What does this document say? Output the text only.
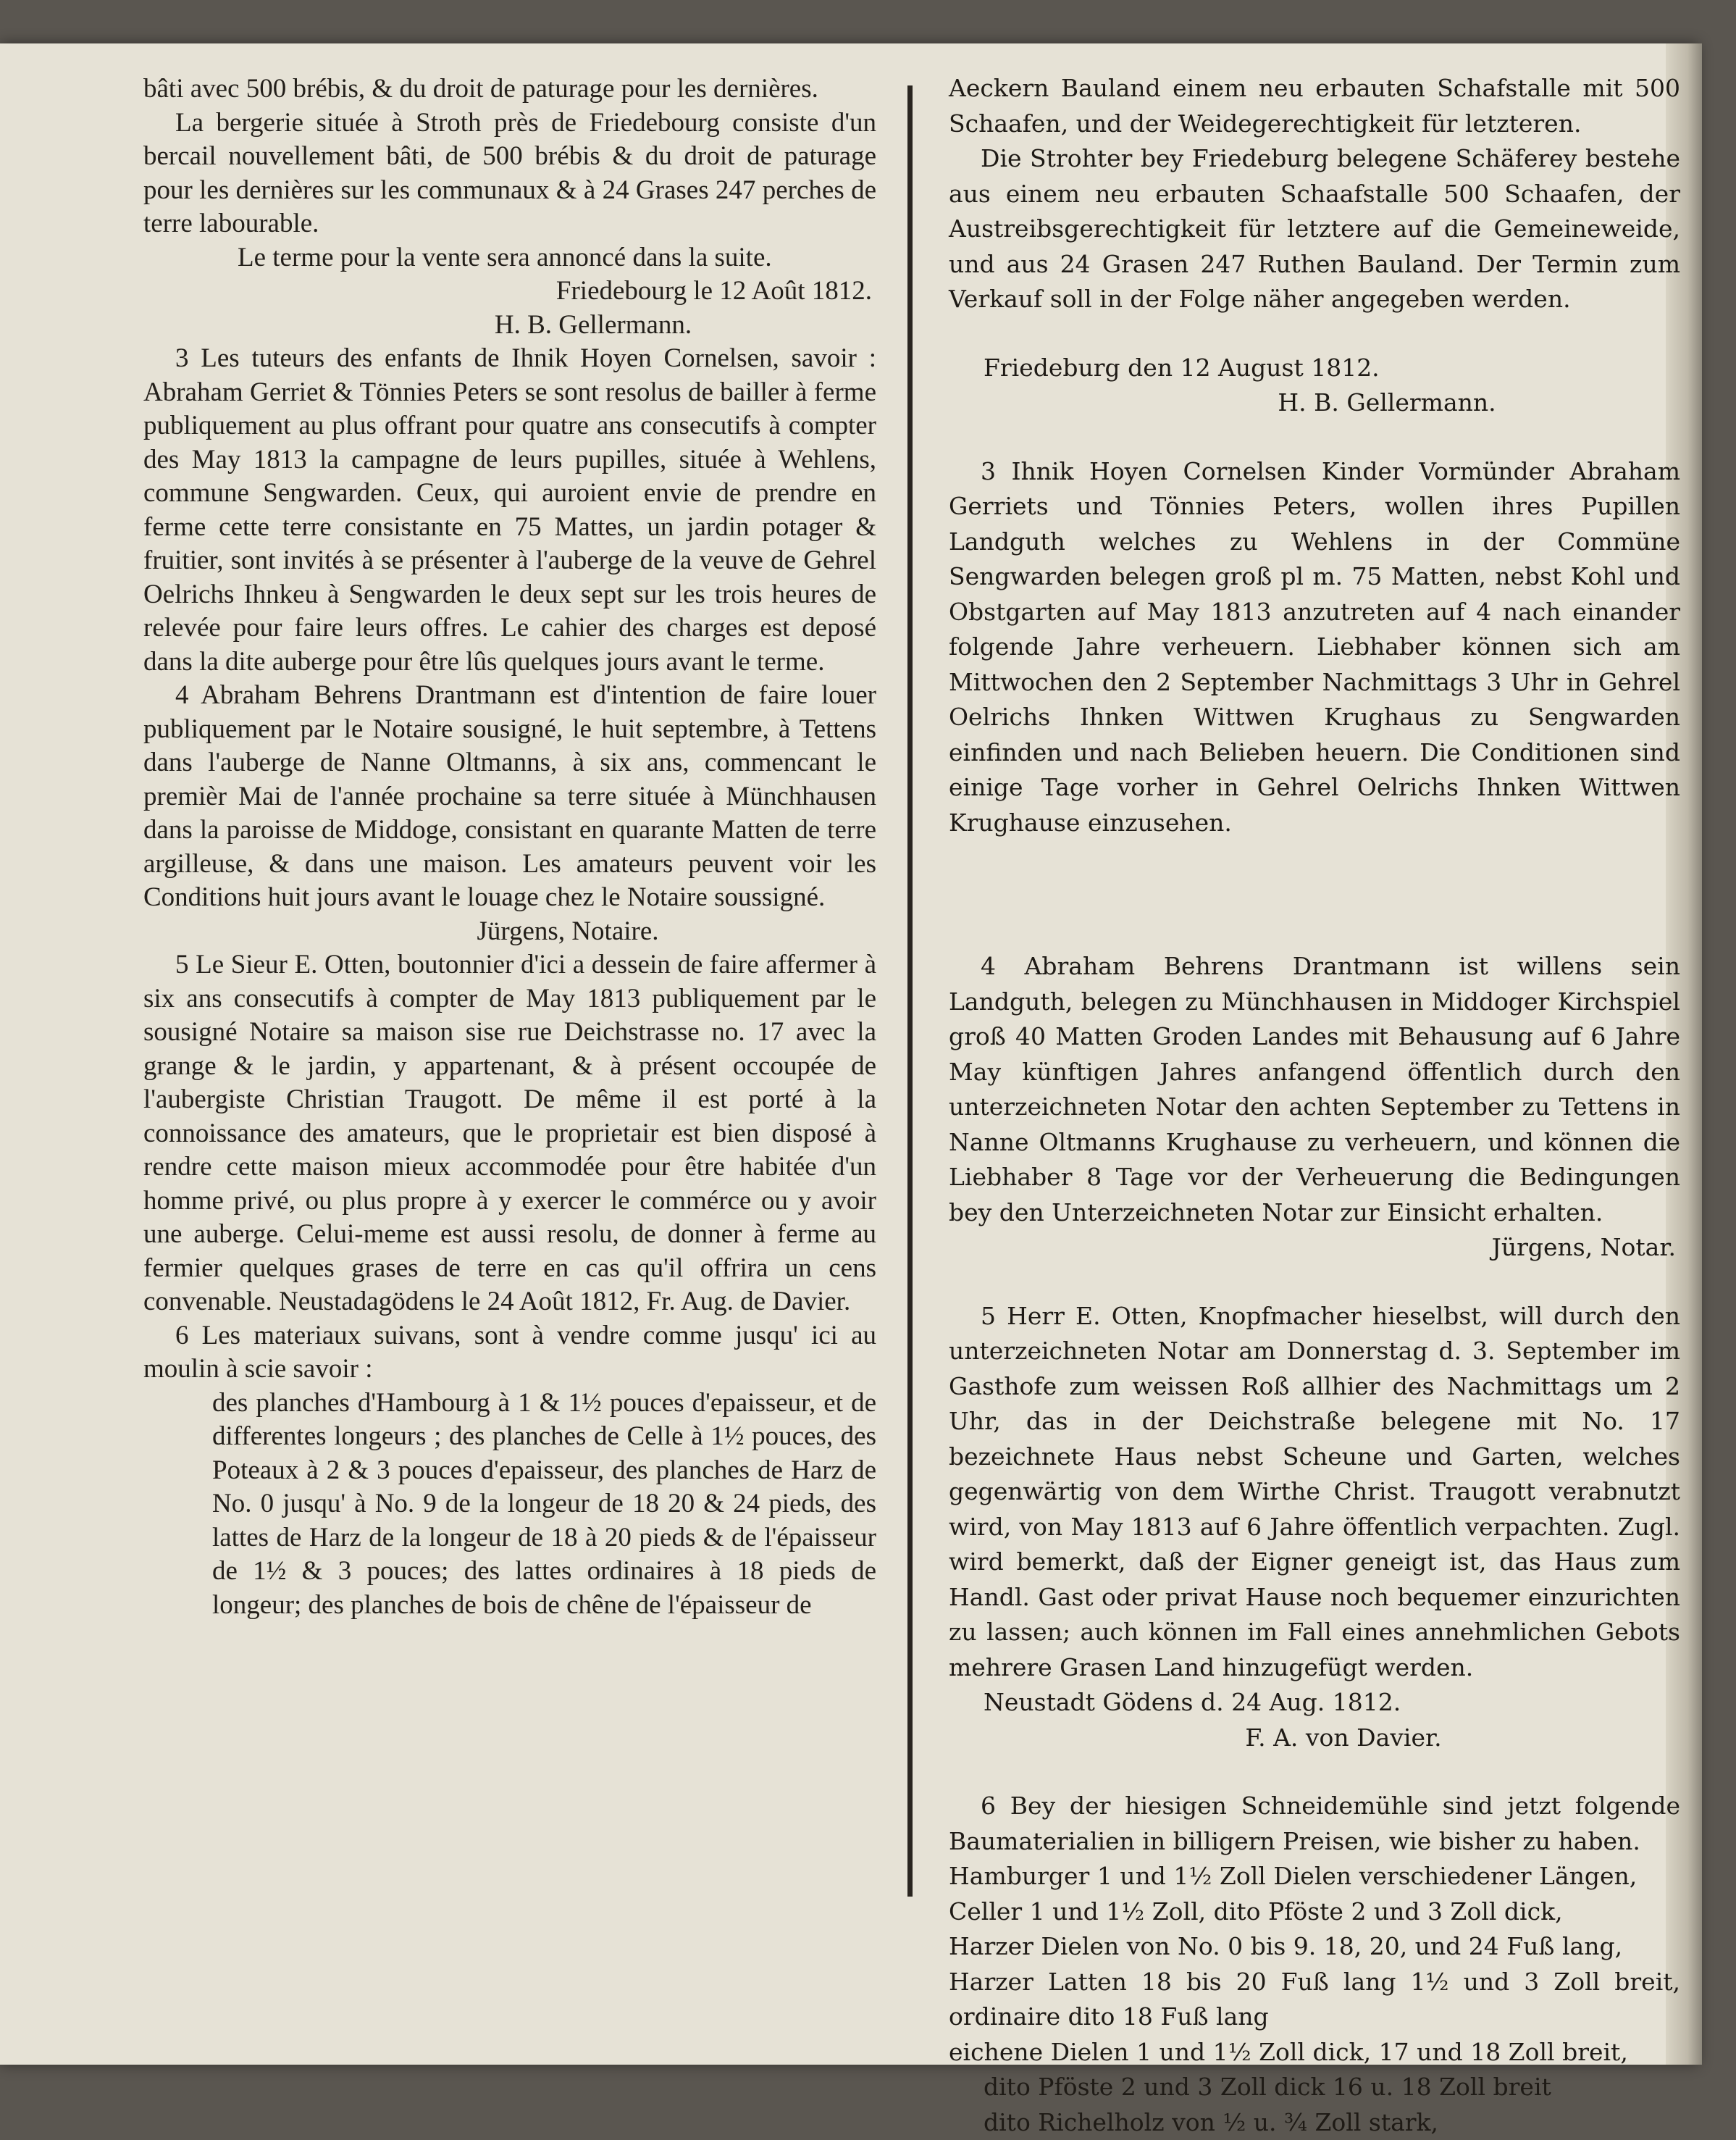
bâti avec 500 brébis, & du droit de paturage pour les dernières.

La bergerie située à Stroth près de Friedebourg consiste d'un bercail nouvellement bâti, de 500 brébis & du droit de paturage pour les dernières sur les communaux & à 24 Grases 247 perches de terre labourable.

Le terme pour la vente sera annoncé dans la suite.

Friedebourg le 12 Août 1812.

H. B. Gellermann.

3 Les tuteurs des enfants de Ihnik Hoyen Cornelsen, savoir : Abraham Gerriet & Tönnies Peters se sont resolus de bailler à ferme publiquement au plus offrant pour quatre ans consecutifs à compter des May 1813 la campagne de leurs pupilles, située à Wehlens, commune Sengwarden. Ceux, qui auroient envie de prendre en ferme cette terre consistante en 75 Mattes, un jardin potager & fruitier, sont invités à se présenter à l'auberge de la veuve de Gehrel Oelrichs Ihnkeu à Sengwarden le deux sept sur les trois heures de relevée pour faire leurs offres. Le cahier des charges est deposé dans la dite auberge pour être lûs quelques jours avant le terme.

4 Abraham Behrens Drantmann est d'intention de faire louer publiquement par le Notaire sousigné, le huit septembre, à Tettens dans l'auberge de Nanne Oltmanns, à six ans, commencant le premièr Mai de l'année prochaine sa terre située à Münchhausen dans la paroisse de Middoge, consistant en quarante Matten de terre argilleuse, & dans une maison. Les amateurs peuvent voir les Conditions huit jours avant le louage chez le Notaire soussigné.

Jürgens, Notaire.

5 Le Sieur E. Otten, boutonnier d'ici a dessein de faire affermer à six ans consecutifs à compter de May 1813 publiquement par le sousigné Notaire sa maison sise rue Deichstrasse no. 17 avec la grange & le jardin, y appartenant, & à présent occoupée de l'aubergiste Christian Traugott. De même il est porté à la connoissance des amateurs, que le proprietair est bien disposé à rendre cette maison mieux accommodée pour être habitée d'un homme privé, ou plus propre à y exercer le commérce ou y avoir une auberge. Celui-meme est aussi resolu, de donner à ferme au fermier quelques grases de terre en cas qu'il offrira un cens convenable. Neustadagödens le 24 Août 1812, Fr. Aug. de Davier.

6 Les materiaux suivans, sont à vendre comme jusqu' ici au moulin à scie savoir :

des planches d'Hambourg à 1 & 1½ pouces d'epaisseur, et de differentes longeurs ; des planches de Celle à 1½ pouces, des Poteaux à 2 & 3 pouces d'epaisseur, des planches de Harz de No. 0 jusqu' à No. 9 de la longeur de 18 20 & 24 pieds, des lattes de Harz de la longeur de 18 à 20 pieds & de l'épaisseur de 1½ & 3 pouces; des lattes ordinaires à 18 pieds de longeur; des planches de bois de chêne de l'épaisseur de

Aeckern Bauland einem neu erbauten Schafstalle mit 500 Schaafen, und der Weidegerechtigkeit für letzteren.

Die Strohter bey Friedeburg belegene Schäferey bestehe aus einem neu erbauten Schaafstalle 500 Schaafen, der Austreibsgerechtigkeit für letztere auf die Gemeineweide, und aus 24 Grasen 247 Ruthen Bauland. Der Termin zum Verkauf soll in der Folge näher angegeben werden.

Friedeburg den 12 August 1812.

H. B. Gellermann.

3 Ihnik Hoyen Cornelsen Kinder Vormünder Abraham Gerriets und Tönnies Peters, wollen ihres Pupillen Landguth welches zu Wehlens in der Commüne Sengwarden belegen groß pl m. 75 Matten, nebst Kohl und Obstgarten auf May 1813 anzutreten auf 4 nach einander folgende Jahre verheuern. Liebhaber können sich am Mittwochen den 2 September Nachmittags 3 Uhr in Gehrel Oelrichs Ihnken Wittwen Krughaus zu Sengwarden einfinden und nach Belieben heuern. Die Conditionen sind einige Tage vorher in Gehrel Oelrichs Ihnken Wittwen Krughause einzusehen.

4 Abraham Behrens Drantmann ist willens sein Landguth, belegen zu Münchhausen in Middoger Kirchspiel groß 40 Matten Groden Landes mit Behausung auf 6 Jahre May künftigen Jahres anfangend öffentlich durch den unterzeichneten Notar den achten September zu Tettens in Nanne Oltmanns Krughause zu verheuern, und können die Liebhaber 8 Tage vor der Verheuerung die Bedingungen bey den Unterzeichneten Notar zur Einsicht erhalten.

Jürgens, Notar.

5 Herr E. Otten, Knopfmacher hieselbst, will durch den unterzeichneten Notar am Donnerstag d. 3. September im Gasthofe zum weissen Roß allhier des Nachmittags um 2 Uhr, das in der Deichstraße belegene mit No. 17 bezeichnete Haus nebst Scheune und Garten, welches gegenwärtig von dem Wirthe Christ. Traugott verabnutzt wird, von May 1813 auf 6 Jahre öffentlich verpachten. Zugl. wird bemerkt, daß der Eigner geneigt ist, das Haus zum Handl. Gast oder privat Hause noch bequemer einzurichten zu lassen; auch können im Fall eines annehmlichen Gebots mehrere Grasen Land hinzugefügt werden.

Neustadt Gödens d. 24 Aug. 1812.

F. A. von Davier.

6 Bey der hiesigen Schneidemühle sind jetzt folgende Baumaterialien in billigern Preisen, wie bisher zu haben.

Hamburger 1 und 1½ Zoll Dielen verschiedener Längen,

Celler 1 und 1½ Zoll, dito Pföste 2 und 3 Zoll dick,

Harzer Dielen von No. 0 bis 9. 18, 20, und 24 Fuß lang,

Harzer Latten 18 bis 20 Fuß lang 1½ und 3 Zoll breit, ordinaire dito 18 Fuß lang

eichene Dielen 1 und 1½ Zoll dick, 17 und 18 Zoll breit,

dito Pföste 2 und 3 Zoll dick 16 u. 18 Zoll breit

dito Richelholz von ½ u. ¾ Zoll stark,
